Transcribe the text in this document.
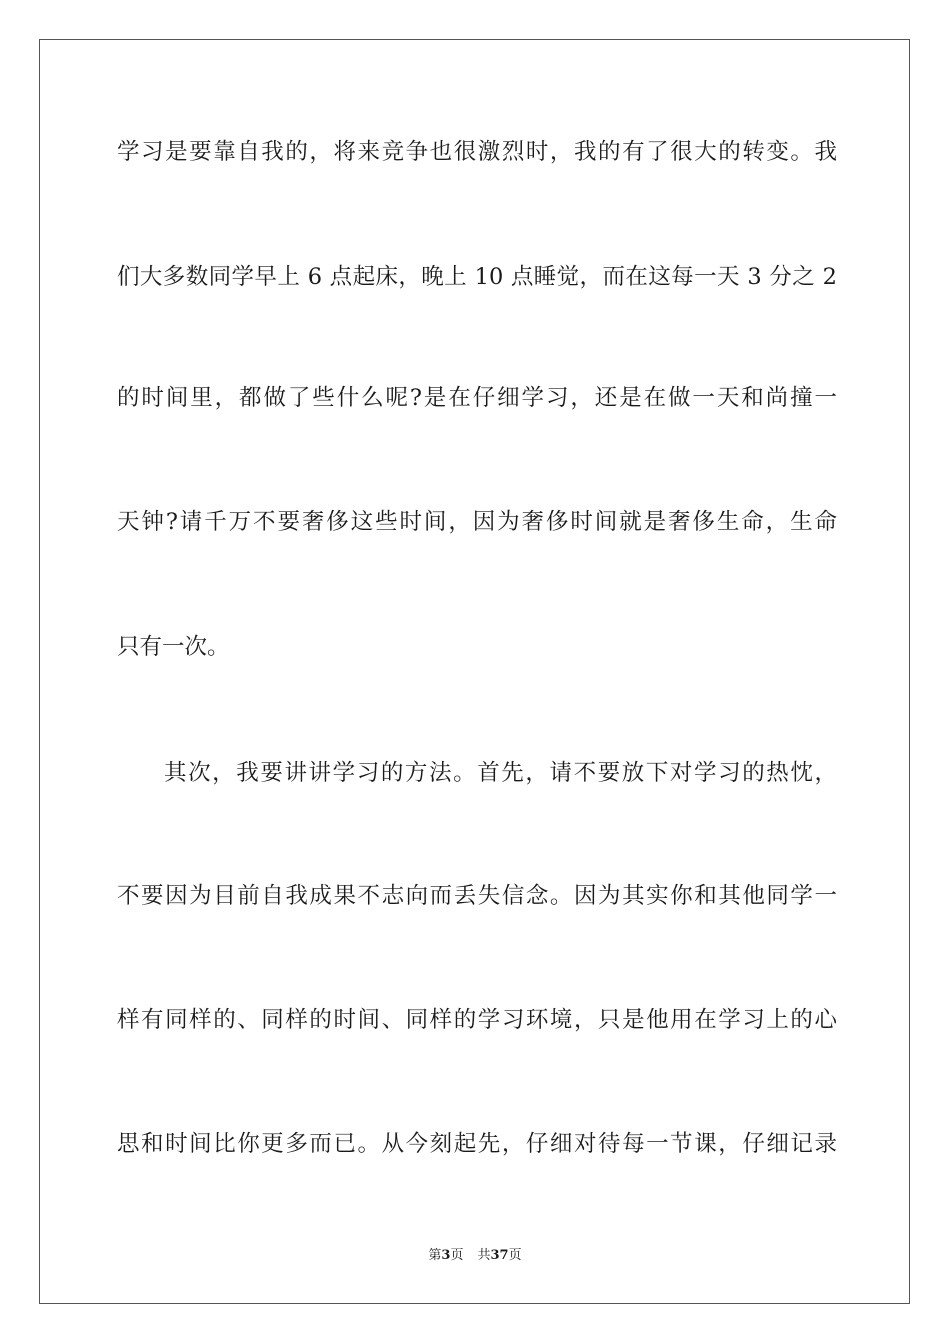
学习是要靠自我的，将来竞争也很激烈时，我的有了很大的转变。我
们大多数同学早上 6 点起床，晚上 10 点睡觉，而在这每一天 3 分之 2
的时间里，都做了些什么呢?是在仔细学习，还是在做一天和尚撞一
天钟?请千万不要奢侈这些时间，因为奢侈时间就是奢侈生命，生命
只有一次。
其次，我要讲讲学习的方法。首先，请不要放下对学习的热忱，
不要因为目前自我成果不志向而丢失信念。因为其实你和其他同学一
样有同样的、同样的时间、同样的学习环境，只是他用在学习上的心
思和时间比你更多而已。从今刻起先，仔细对待每一节课，仔细记录
第3页 共37页
